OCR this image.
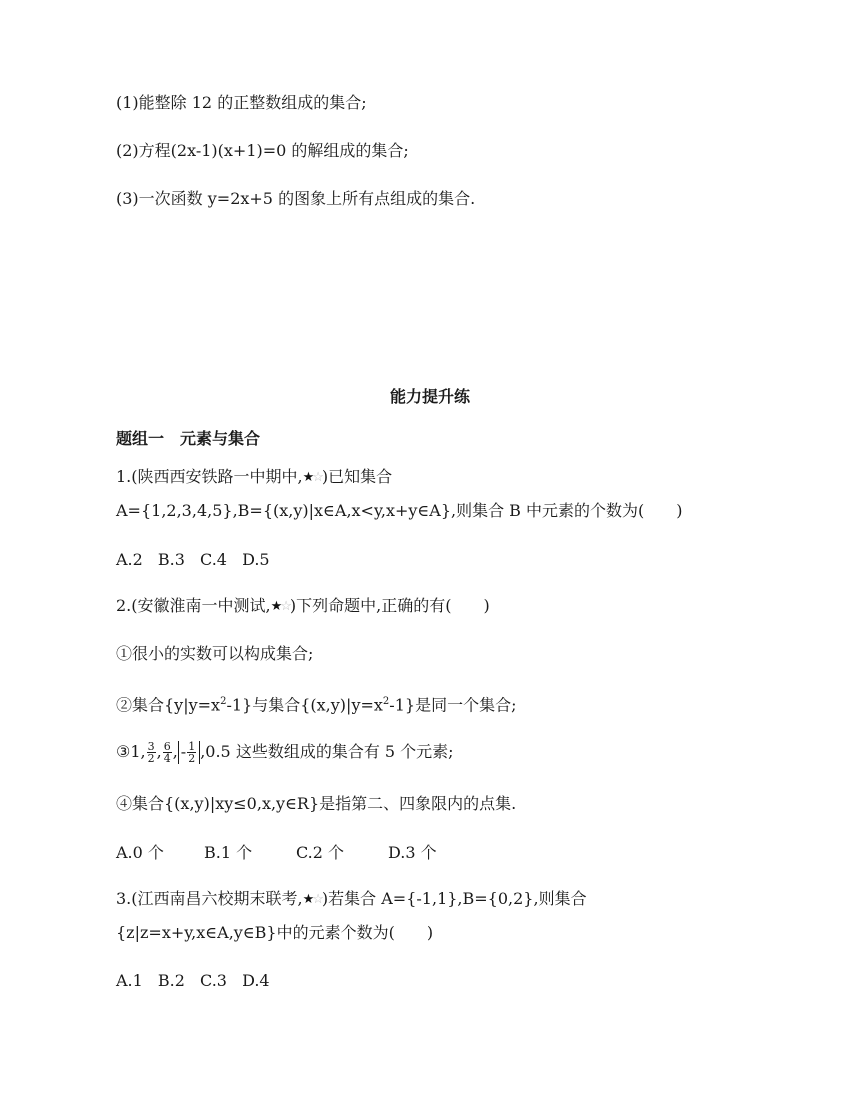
(1)能整除 12 的正整数组成的集合;
(2)方程(2x-1)(x+1)=0 的解组成的集合;
(3)一次函数 y=2x+5 的图象上所有点组成的集合.
能力提升练
题组一　元素与集合
1.(陕西西安铁路一中期中,★☆)已知集合
A={1,2,3,4,5},B={(x,y)|x∈A,x<y,x+y∈A},则集合 B 中元素的个数为(　　)
A.2 B.3 C.4 D.5
2.(安徽淮南一中测试,★☆)下列命题中,正确的有(　　)
①很小的实数可以构成集合;
②集合$\{y|y=x^2-1\}$与集合$\{(x,y)|y=x^2-1\}$是同一个集合;
③1, $\frac{3}{2}$ , $\frac{6}{4}$ , - $\frac{1}{2} ,0.5$ 这些数组成的集合有 5 个元素;
④集合{(x,y)|xy≤0,x,y∈R}是指第二、四象限内的点集.
A.0 个	B.1 个	C.2 个	D.3 个
3.(江西南昌六校期末联考,★☆)若集合 A={-1,1},B={0,2},则集合
{z|z=x+y,x∈A,y∈B}中的元素个数为(　　)
A.1 B.2 C.3 D.4
